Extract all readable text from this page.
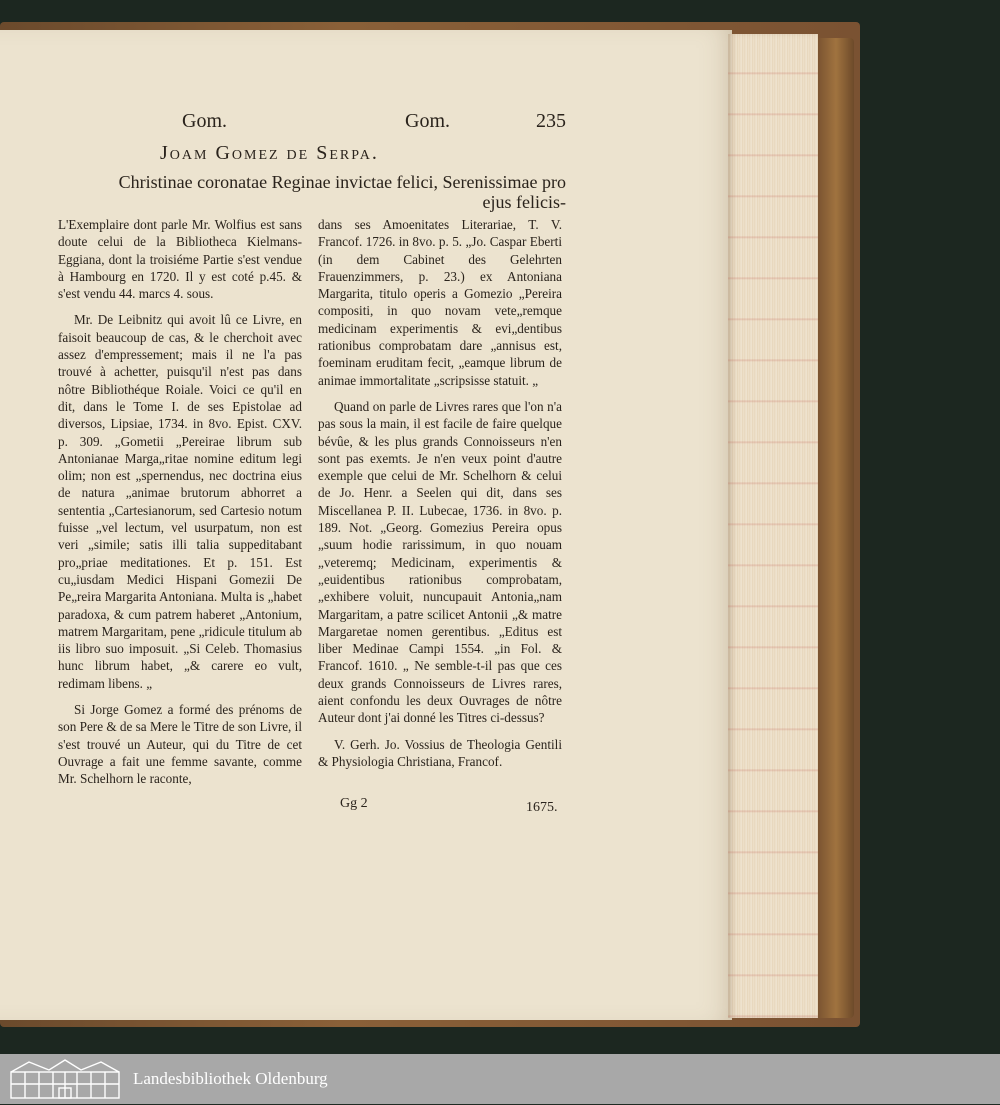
Gom.	Gom.	235
Joam Gomez de Serpa.
Christinae coronatae Reginae invictae felici, Serenissimae pro ejus felicis-

L'Exemplaire dont parle Mr. Wolfius est sans doute celui de la Bibliotheca Kielmans-Eggiana, dont la troisiéme Partie s'est vendue à Hambourg en 1720. Il y est coté p.45. & s'est vendu 44. marcs 4. sous.

Mr. De Leibnitz qui avoit lû ce Livre, en faisoit beaucoup de cas, & le cherchoit avec assez d'empressement; mais il ne l'a pas trouvé à achetter, puisqu'il n'est pas dans nôtre Bibliothéque Roiale. Voici ce qu'il en dit, dans le Tome I. de ses Epistolae ad diversos, Lipsiae, 1734. in 8vo. Epist. CXV. p. 309. „Gometii „Pereirae librum sub Antonianae Marga„ritae nomine editum legi olim; non est „spernendus, nec doctrina eius de natura „animae brutorum abhorret a sententia „Cartesianorum, sed Cartesio notum fuisse „vel lectum, vel usurpatum, non est veri „simile; satis illi talia suppeditabant pro„priae meditationes. Et p. 151. Est cu„iusdam Medici Hispani Gomezii De Pe„reira Margarita Antoniana. Multa is „habet paradoxa, & cum patrem haberet „Antonium, matrem Margaritam, pene „ridicule titulum ab iis libro suo imposuit. „Si Celeb. Thomasius hunc librum habet, „& carere eo vult, redimam libens. „

Si Jorge Gomez a formé des prénoms de son Pere & de sa Mere le Titre de son Livre, il s'est trouvé un Auteur, qui du Titre de cet Ouvrage a fait une femme savante, comme Mr. Schelhorn le raconte,

dans ses Amoenitates Literariae, T. V. Francof. 1726. in 8vo. p. 5. „Jo. Caspar Eberti (in dem Cabinet des Gelehrten Frauenzimmers, p. 23.) ex Antoniana Margarita, titulo operis a Gomezio „Pereira compositi, in quo novam vete„remque medicinam experimentis & evi„dentibus rationibus comprobatam dare „annisus est, foeminam eruditam fecit, „eamque librum de animae immortalitate „scripsisse statuit. „

Quand on parle de Livres rares que l'on n'a pas sous la main, il est facile de faire quelque bévûe, & les plus grands Connoisseurs n'en sont pas exemts. Je n'en veux point d'autre exemple que celui de Mr. Schelhorn & celui de Jo. Henr. a Seelen qui dit, dans ses Miscellanea P. II. Lubecae, 1736. in 8vo. p. 189. Not. „Georg. Gomezius Pereira opus „suum hodie rarissimum, in quo nouam „veteremq; Medicinam, experimentis & „euidentibus rationibus comprobatam, „exhibere voluit, nuncupauit Antonia„nam Margaritam, a patre scilicet Antonii „& matre Margaretae nomen gerentibus. „Editus est liber Medinae Campi 1554. „in Fol. & Francof. 1610. „ Ne semble-t-il pas que ces deux grands Connoisseurs de Livres rares, aient confondu les deux Ouvrages de nôtre Auteur dont j'ai donné les Titres ci-dessus?

V. Gerh. Jo. Vossius de Theologia Gentili & Physiologia Christiana, Francof.

Gg 2	1675.
Landesbibliothek Oldenburg
